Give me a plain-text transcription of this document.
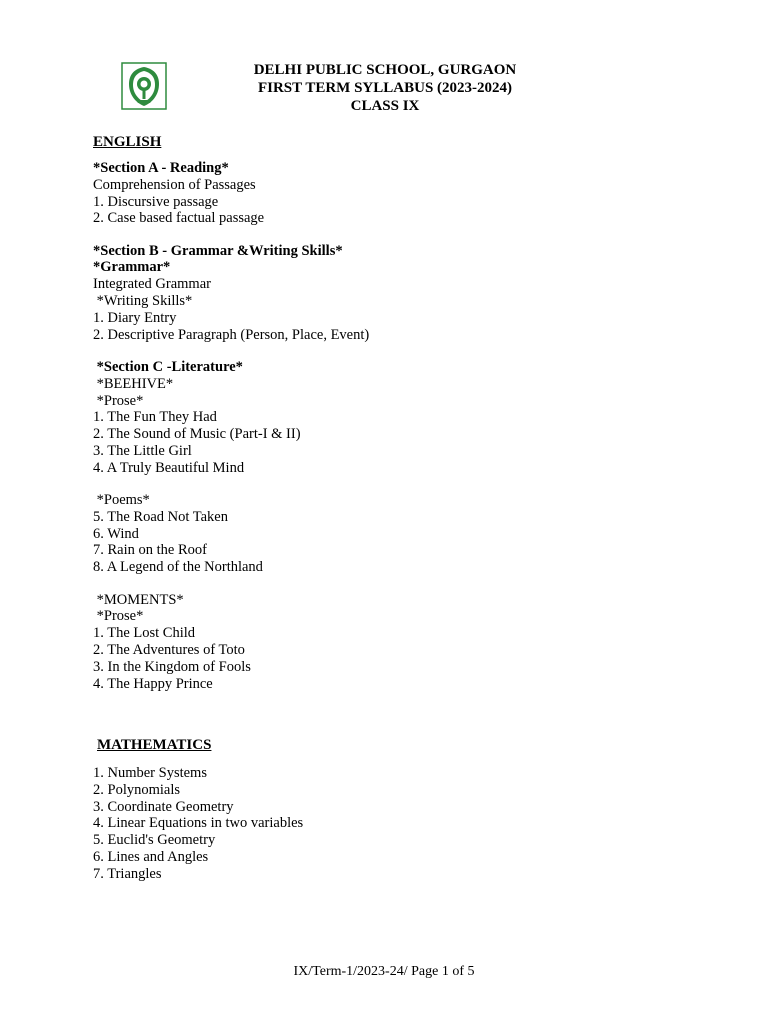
DELHI PUBLIC SCHOOL, GURGAON
FIRST TERM SYLLABUS (2023-2024)
CLASS IX
ENGLISH
*Section A - Reading*
Comprehension of Passages
1. Discursive passage
2. Case based factual passage
*Section B - Grammar &Writing Skills*
*Grammar*
Integrated Grammar
*Writing Skills*
1. Diary Entry
2. Descriptive Paragraph (Person, Place, Event)
*Section C -Literature*
*BEEHIVE*
*Prose*
1. The Fun They Had
2. The Sound of Music (Part-I & II)
3. The Little Girl
4. A Truly Beautiful Mind
*Poems*
5. The Road Not Taken
6. Wind
7. Rain on the Roof
8. A Legend of the Northland
*MOMENTS*
*Prose*
1. The Lost Child
2. The Adventures of Toto
3. In the Kingdom of Fools
4. The Happy Prince
MATHEMATICS
1. Number Systems
2. Polynomials
3. Coordinate Geometry
4. Linear Equations in two variables
5. Euclid's Geometry
6. Lines and Angles
7. Triangles
IX/Term-1/2023-24/ Page 1 of 5
